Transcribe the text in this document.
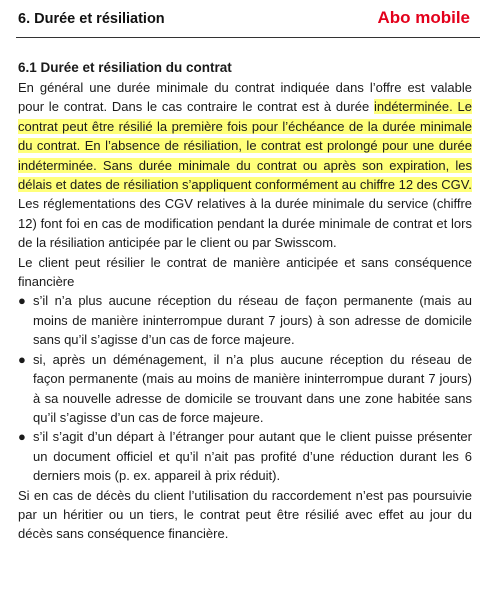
6. Durée et résiliation	Abo mobile
6.1 Durée et résiliation du contrat

En général une durée minimale du contrat indiquée dans l’offre est valable pour le contrat. Dans le cas contraire le contrat est à durée indéterminée. Le contrat peut être résilié la première fois pour l’échéance de la durée minimale du contrat. En l’absence de résiliation, le contrat est prolongé pour une durée indéterminée. Sans durée minimale du contrat ou après son expiration, les délais et dates de résiliation s’appliquent conformément au chiffre 12 des CGV.

Les réglementations des CGV relatives à la durée minimale du service (chiffre 12) font foi en cas de modification pendant la durée minimale de contrat et lors de la résiliation anticipée par le client ou par Swisscom.

Le client peut résilier le contrat de manière anticipée et sans conséquence financière

● s’il n’a plus aucune réception du réseau de façon permanente (mais au moins de manière ininterrompue durant 7 jours) à son adresse de domicile sans qu’il s’agisse d’un cas de force majeure.
● si, après un déménagement, il n’a plus aucune réception du réseau de façon permanente (mais au moins de manière ininterrompue durant 7 jours) à sa nouvelle adresse de domicile se trouvant dans une zone habitée sans qu’il s’agisse d’un cas de force majeure.
● s’il s’agit d’un départ à l’étranger pour autant que le client puisse présenter un document officiel et qu’il n’ait pas profité d’une réduction durant les 6 derniers mois (p. ex. appareil à prix réduit).

Si en cas de décès du client l’utilisation du raccordement n’est pas poursuivie par un héritier ou un tiers, le contrat peut être résilié avec effet au jour du décès sans conséquence financière.
